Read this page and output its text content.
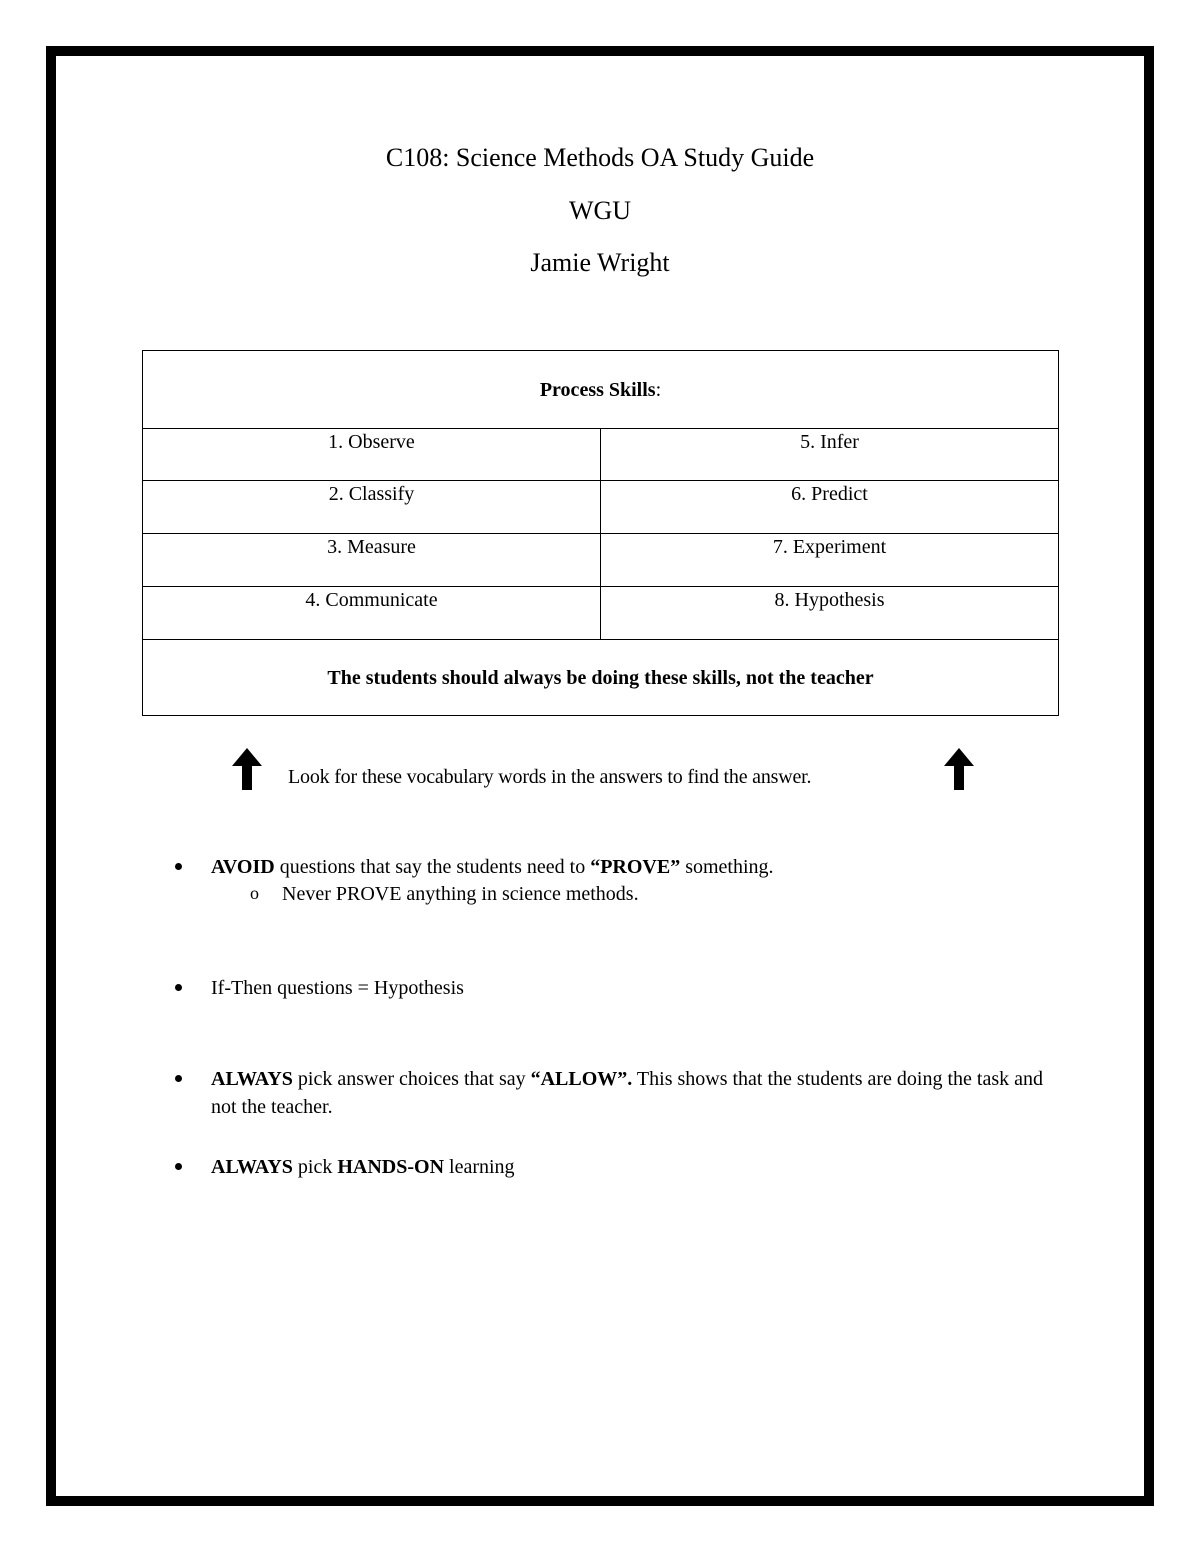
C108: Science Methods OA Study Guide
WGU
Jamie Wright
Process Skills:
1. Observe	5. Infer
2. Classify	6. Predict
3. Measure	7. Experiment
4. Communicate	8. Hypothesis
The students should always be doing these skills, not the teacher
Look for these vocabulary words in the answers to find the answer.
AVOID questions that say the students need to “PROVE” something.
o Never PROVE anything in science methods.
If-Then questions = Hypothesis
ALWAYS pick answer choices that say “ALLOW”. This shows that the students are doing the task and not the teacher.
ALWAYS pick HANDS-ON learning
